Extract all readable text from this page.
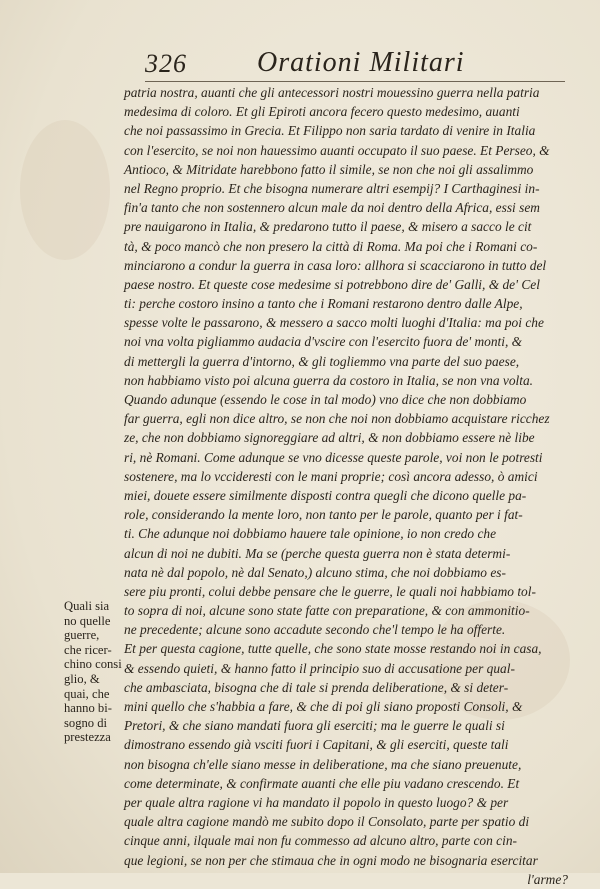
326	Orationi Militari
patria nostra, auanti che gli antecessori nostri mouessino guerra nella patria
medesima di coloro. Et gli Epiroti ancora fecero questo medesimo, auanti
che noi passassimo in Grecia. Et Filippo non saria tardato di venire in Italia
con l'esercito, se noi non hauessimo auanti occupato il suo paese. Et Perseo, &
Antioco, & Mitridate harebbono fatto il simile, se non che noi gli assalimmo
nel Regno proprio. Et che bisogna numerare altri esempij? I Carthaginesi in-
fin'a tanto che non sostennero alcun male da noi dentro della Africa, essi sem
pre nauigarono in Italia, & predarono tutto il paese, & misero a sacco le cit
tà, & poco mancò che non presero la città di Roma. Ma poi che i Romani co-
minciarono a condur la guerra in casa loro: allhora si scacciarono in tutto del
paese nostro. Et queste cose medesime si potrebbono dire de' Galli, & de' Cel
ti: perche costoro insino a tanto che i Romani restarono dentro dalle Alpe,
spesse volte le passarono, & messero a sacco molti luoghi d'Italia: ma poi che
noi vna volta pigliammo audacia d'vscire con l'esercito fuora de' monti, &
di mettergli la guerra d'intorno, & gli togliemmo vna parte del suo paese,
non habbiamo visto poi alcuna guerra da costoro in Italia, se non vna volta.
Quando adunque (essendo le cose in tal modo) vno dice che non dobbiamo
far guerra, egli non dice altro, se non che noi non dobbiamo acquistare ricchez
ze, che non dobbiamo signoreggiare ad altri, & non dobbiamo essere nè libe
ri, nè Romani. Come adunque se vno dicesse queste parole, voi non le potresti
sostenere, ma lo vccideresti con le mani proprie; così ancora adesso, ò amici
miei, douete essere similmente disposti contra quegli che dicono quelle pa-
role, considerando la mente loro, non tanto per le parole, quanto per i fat-
ti. Che adunque noi dobbiamo hauere tale opinione, io non credo che
alcun di noi ne dubiti. Ma se (perche questa guerra non è stata determi-
nata nè dal popolo, nè dal Senato,) alcuno stima, che noi dobbiamo es-
sere piu pronti, colui debbe pensare che le guerre, le quali noi habbiamo tol-
to sopra di noi, alcune sono state fatte con preparatione, & con ammonitio-
ne precedente; alcune sono accadute secondo che'l tempo le ha offerte.
Et per questa cagione, tutte quelle, che sono state mosse restando noi in casa,
& essendo quieti, & hanno fatto il principio suo di accusatione per qual-
che ambasciata, bisogna che di tale si prenda deliberatione, & si deter-
mini quello che s'habbia a fare, & che di poi gli siano proposti Consoli, &
Pretori, & che siano mandati fuora gli eserciti; ma le guerre le quali si
dimostrano essendo già vsciti fuori i Capitani, & gli eserciti, queste tali
non bisogna ch'elle siano messe in deliberatione, ma che siano preuenute,
come determinate, & confirmate auanti che elle piu vadano crescendo. Et
per quale altra ragione vi ha mandato il popolo in questo luogo? & per
quale altra cagione mandò me subito dopo il Consolato, parte per spatio di
cinque anni, ilquale mai non fu commesso ad alcuno altro, parte con cin-
que legioni, se non per che stimaua che in ogni modo ne bisognaria esercitar
l'arme?
Quali sia
no quelle
guerre,
che ricer-
chino consi
glio, &
quai, che
hanno bi-
sogno di
prestezza
